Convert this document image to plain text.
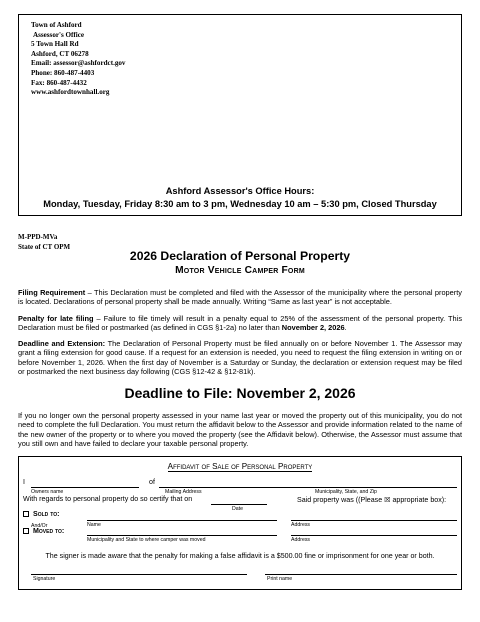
Town of Ashford
Assessor's Office
5 Town Hall Rd
Ashford, CT 06278
Email: assessor@ashfordct.gov
Phone: 860-487-4403
Fax: 860-487-4432
www.ashfordtownhall.org
Ashford Assessor's Office Hours:
Monday, Tuesday, Friday 8:30 am to 3 pm, Wednesday 10 am – 5:30 pm, Closed Thursday
M-PPD-MVa
State of CT OPM
2026 Declaration of Personal Property
Motor Vehicle Camper Form
Filing Requirement – This Declaration must be completed and filed with the Assessor of the municipality where the personal property is located. Declarations of personal property shall be made annually. Writing “Same as last year” is not acceptable.
Penalty for late filing – Failure to file timely will result in a penalty equal to 25% of the assessment of the personal property. This Declaration must be filed or postmarked (as defined in CGS §1-2a) no later than November 2, 2026.
Deadline and Extension: The Declaration of Personal Property must be filed annually on or before November 1. The Assessor may grant a filing extension for good cause. If a request for an extension is needed, you need to request the filing extension in writing on or before November 1, 2026. When the first day of November is a Saturday or Sunday, the declaration or extension request may be filed or postmarked the next business day following (CGS §12-42 & §12-81k).
Deadline to File: November 2, 2026
If you no longer own the personal property assessed in your name last year or moved the property out of this municipality, you do not need to complete the full Declaration. You must return the affidavit below to the Assessor and provide information related to the name of the new owner of the property or to where you moved the property (see the Affidavit below). Otherwise, the Assessor must assume that you still own and have failed to declare your taxable personal property.
Affidavit of Sale of Personal Property
I	of
Owners name	Mailing Address	Municipality, State, and Zip
With regards to personal property do so certify that on
Date
Said property was ((Please ☒ appropriate box):
Sold to:
And/Or	Name	Address
Moved to:
Municipality and State to where camper was moved	Address
The signer is made aware that the penalty for making a false affidavit is a $500.00 fine or imprisonment for one year or both.
Signature	Print name
